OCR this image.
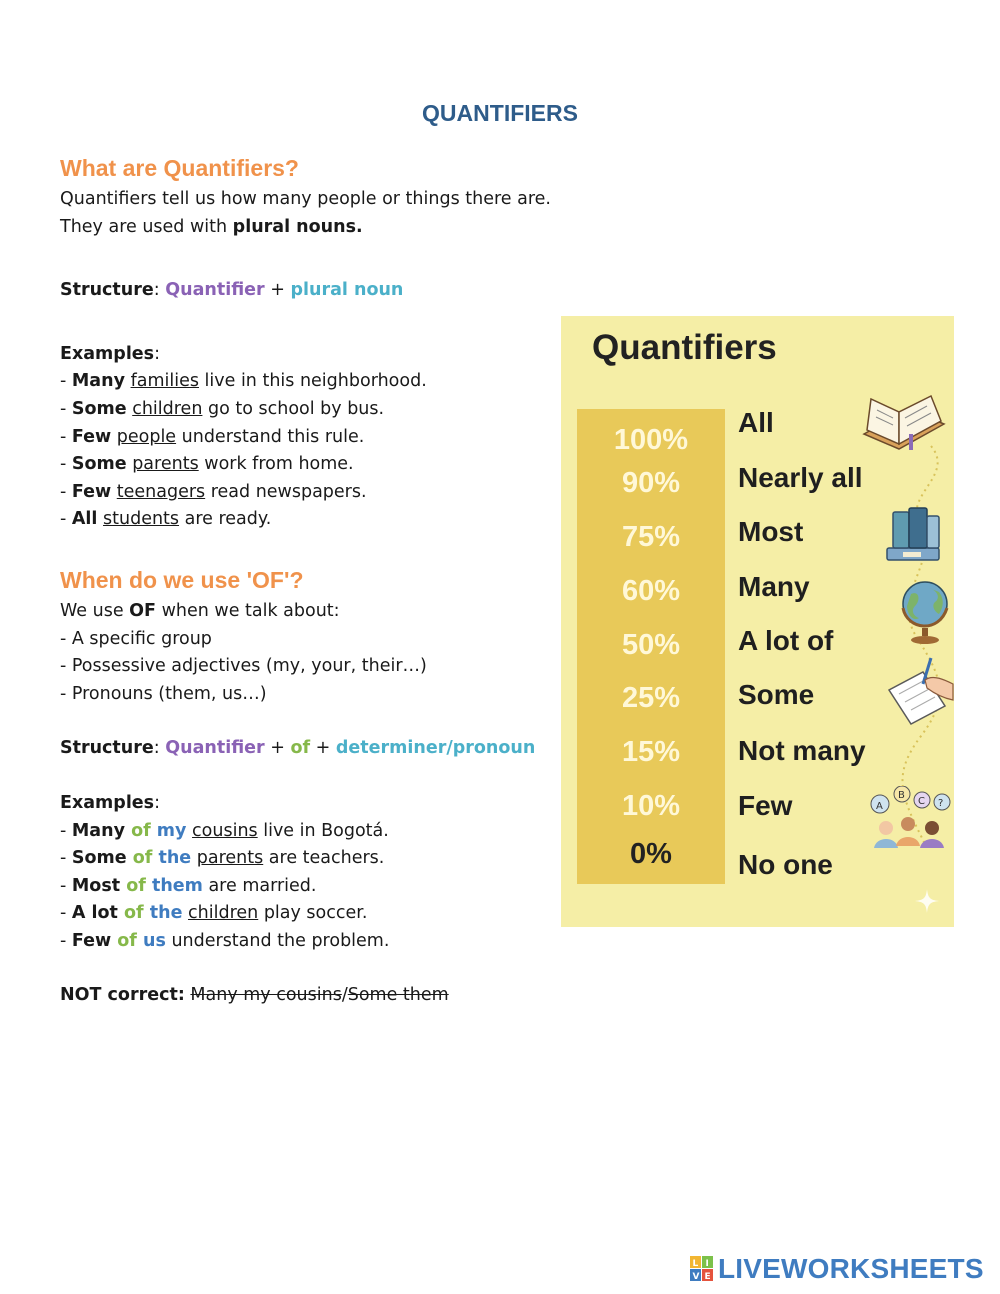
QUANTIFIERS
What are Quantifiers?
Quantifiers tell us how many people or things there are.
They are used with plural nouns.
Structure: Quantifier + plural noun
Examples:
- Many families live in this neighborhood.
- Some children go to school by bus.
- Few people understand this rule.
- Some parents work from home.
- Few teenagers read newspapers.
- All students are ready.
When do we use 'OF'?
We use OF when we talk about:
- A specific group
- Possessive adjectives (my, your, their…)
- Pronouns (them, us…)
Structure: Quantifier + of + determiner/pronoun
Examples:
- Many of my cousins live in Bogotá.
- Some of the parents are teachers.
- Most of them are married.
- A lot of the children play soccer.
- Few of us understand the problem.
NOT correct: Many my cousins/Some them
Quantifiers
100%
90%
75%
60%
50%
25%
15%
10%
0%
All
Nearly all
Most
Many
A lot of
Some
Not many
Few
No one
A
B
C ?
L I
V E LIVEWORKSHEETS
